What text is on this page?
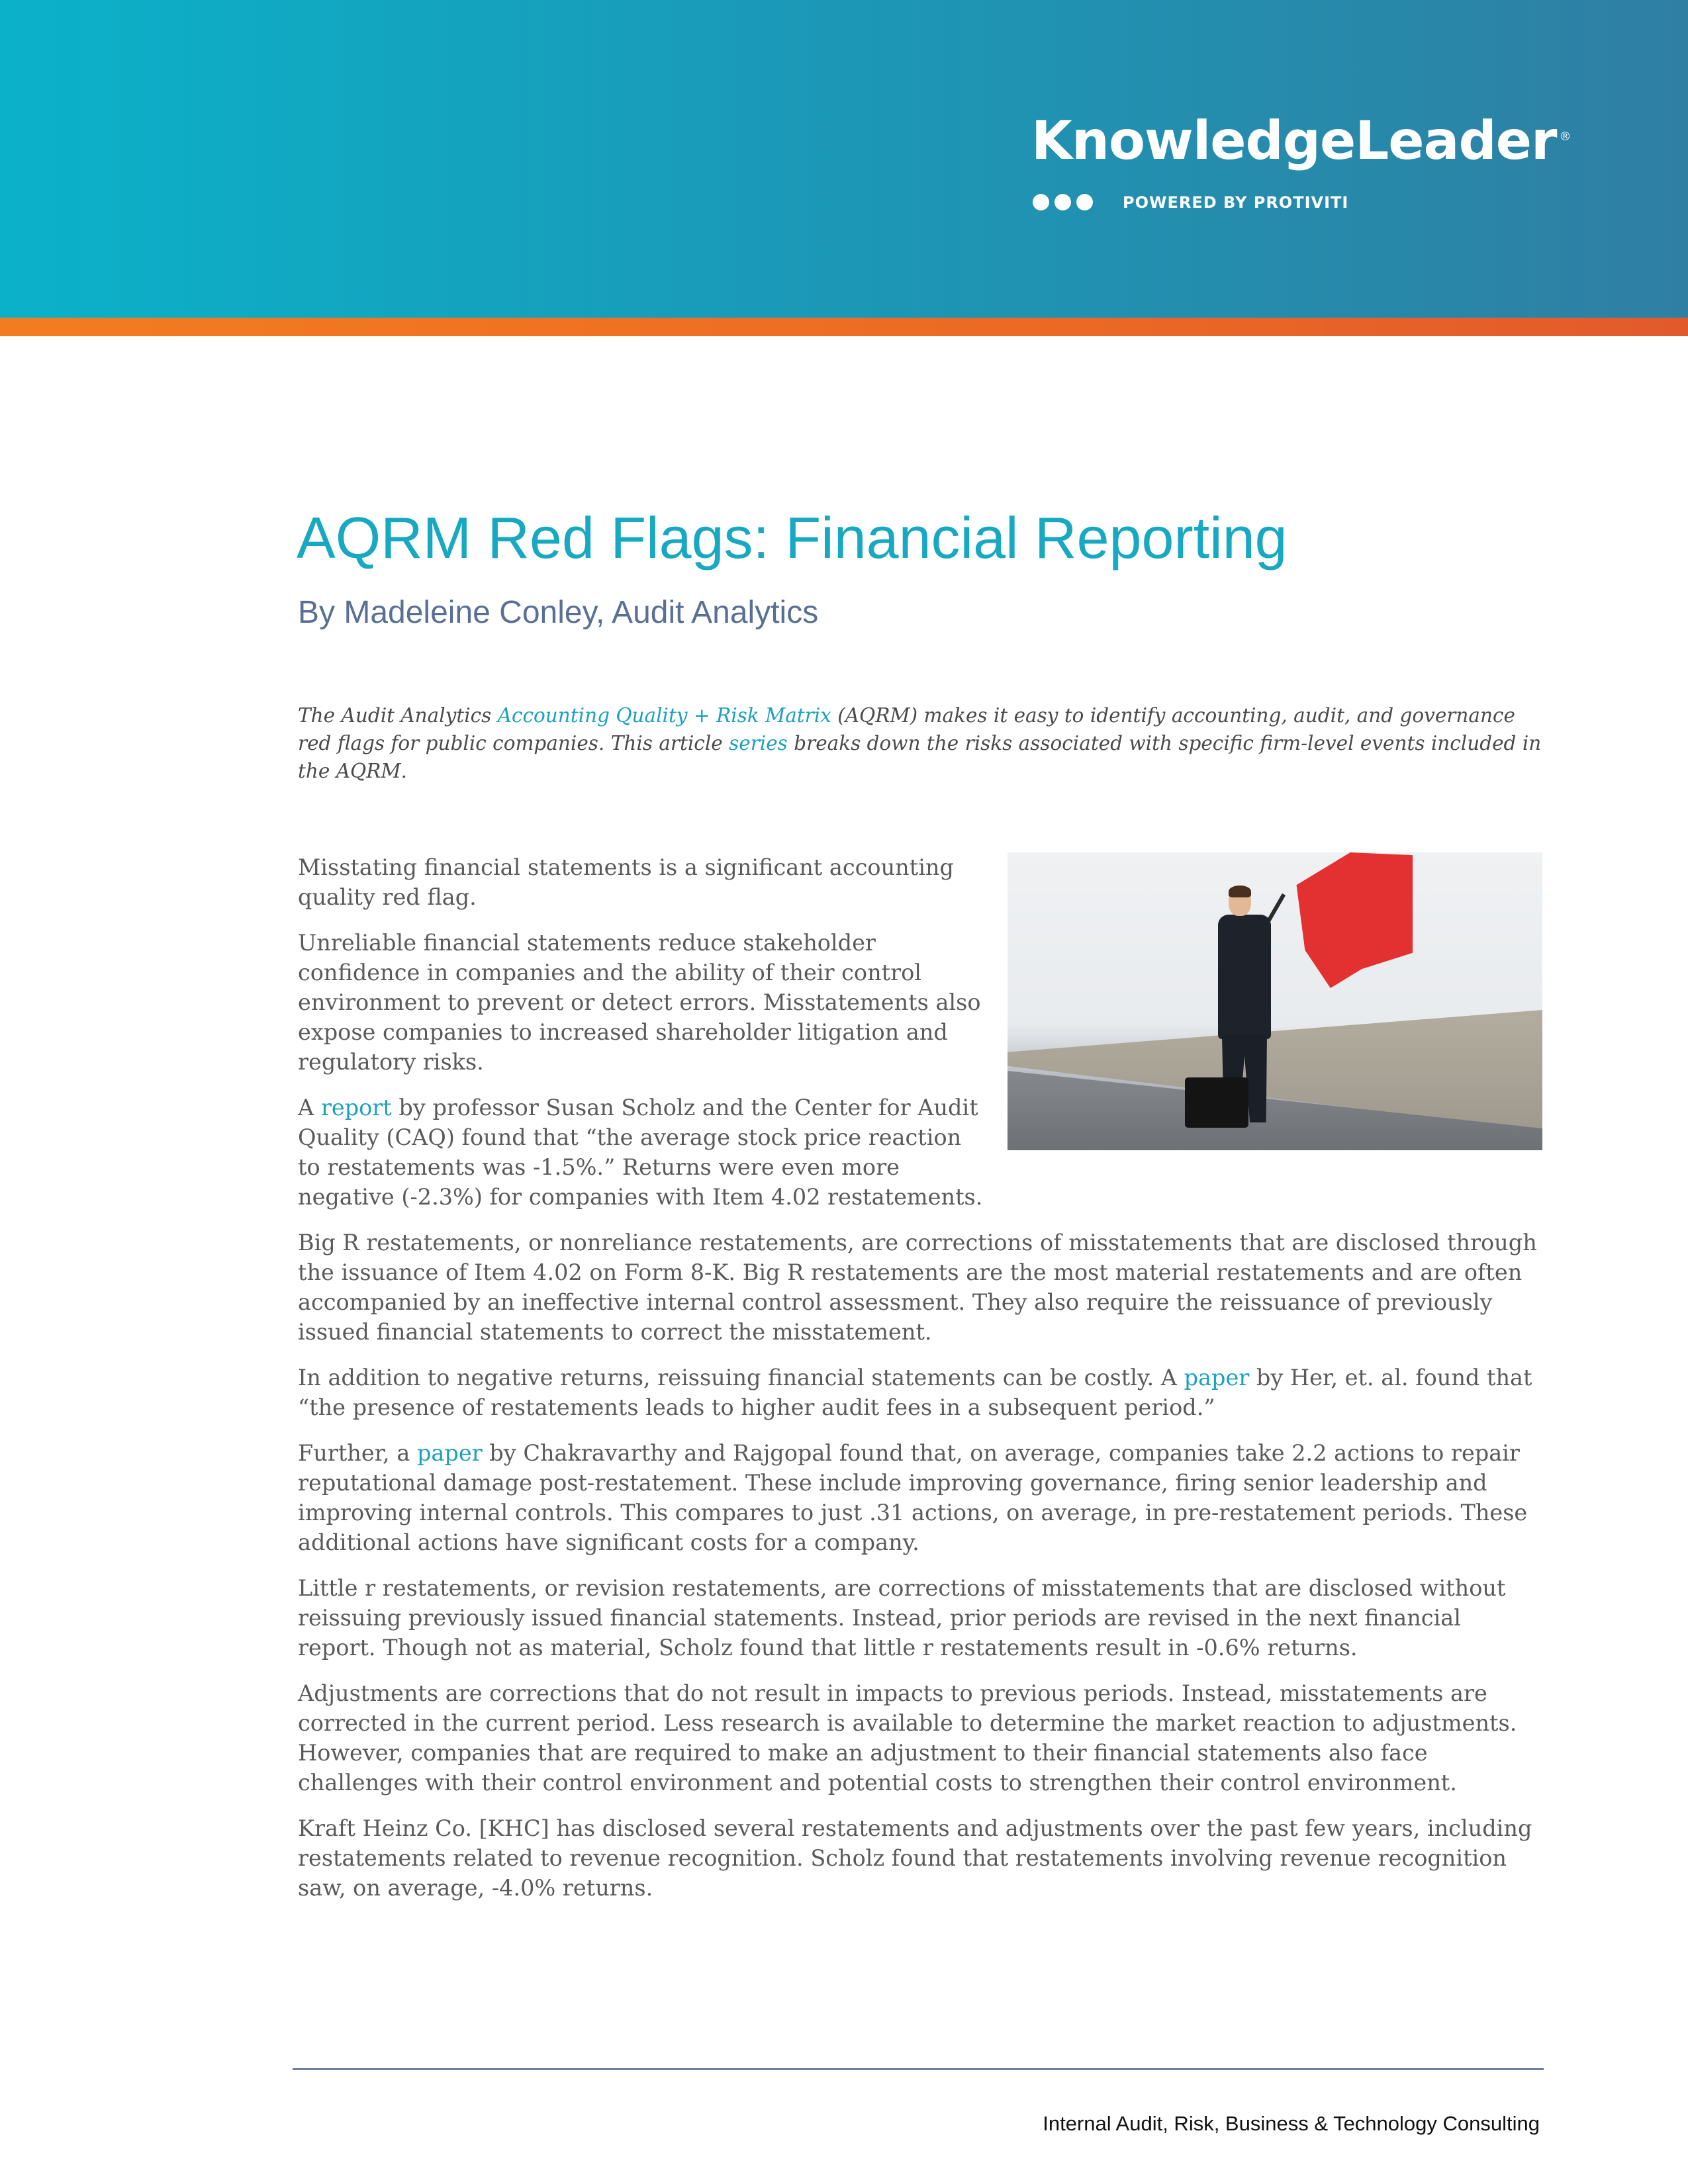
KnowledgeLeader ®
POWERED BY PROTIVITI
AQRM Red Flags: Financial Reporting
By Madeleine Conley, Audit Analytics

The Audit Analytics Accounting Quality + Risk Matrix (AQRM) makes it easy to identify accounting, audit, and governance red flags for public companies. This article series breaks down the risks associated with specific firm-level events included in the AQRM.

Misstating financial statements is a significant accounting quality red flag.

Unreliable financial statements reduce stakeholder confidence in companies and the ability of their control environment to prevent or detect errors. Misstatements also expose companies to increased shareholder litigation and regulatory risks.

A report by professor Susan Scholz and the Center for Audit Quality (CAQ) found that “the average stock price reaction to restatements was -1.5%.” Returns were even more negative (-2.3%) for companies with Item 4.02 restatements.

Big R restatements, or nonreliance restatements, are corrections of misstatements that are disclosed through the issuance of Item 4.02 on Form 8-K. Big R restatements are the most material restatements and are often accompanied by an ineffective internal control assessment. They also require the reissuance of previously issued financial statements to correct the misstatement.

In addition to negative returns, reissuing financial statements can be costly. A paper by Her, et. al. found that “the presence of restatements leads to higher audit fees in a subsequent period.”

Further, a paper by Chakravarthy and Rajgopal found that, on average, companies take 2.2 actions to repair reputational damage post-restatement. These include improving governance, firing senior leadership and improving internal controls. This compares to just .31 actions, on average, in pre-restatement periods. These additional actions have significant costs for a company.

Little r restatements, or revision restatements, are corrections of misstatements that are disclosed without reissuing previously issued financial statements. Instead, prior periods are revised in the next financial report. Though not as material, Scholz found that little r restatements result in -0.6% returns.

Adjustments are corrections that do not result in impacts to previous periods. Instead, misstatements are corrected in the current period. Less research is available to determine the market reaction to adjustments. However, companies that are required to make an adjustment to their financial statements also face challenges with their control environment and potential costs to strengthen their control environment.

Kraft Heinz Co. [KHC] has disclosed several restatements and adjustments over the past few years, including restatements related to revenue recognition. Scholz found that restatements involving revenue recognition saw, on average, -4.0% returns.

Internal Audit, Risk, Business & Technology Consulting
